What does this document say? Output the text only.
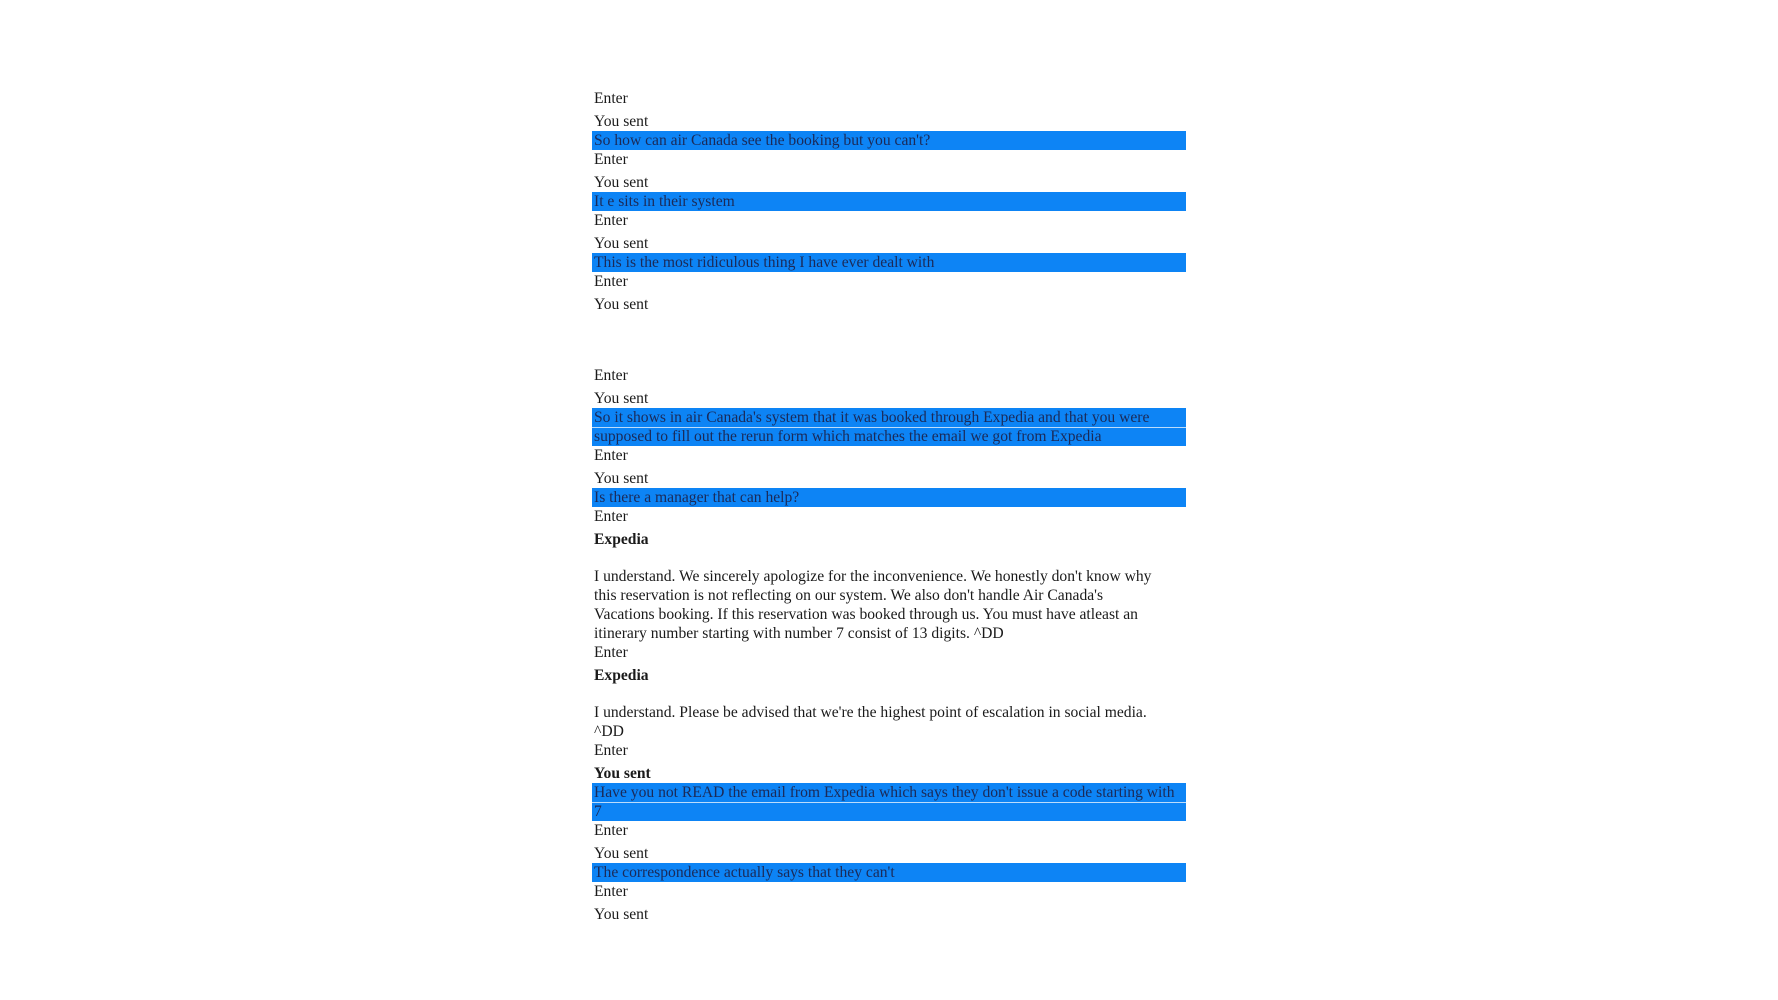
Enter
You sent
So how can air Canada see the booking but you can't?
Enter
You sent
It e sits in their system
Enter
You sent
This is the most ridiculous thing I have ever dealt with
Enter
You sent
Enter
You sent
So it shows in air Canada's system that it was booked through Expedia and that you were
supposed to fill out the rerun form which matches the email we got from Expedia
Enter
You sent
Is there a manager that can help?
Enter
Expedia
I understand. We sincerely apologize for the inconvenience. We honestly don't know why
this reservation is not reflecting on our system. We also don't handle Air Canada's
Vacations booking. If this reservation was booked through us. You must have atleast an
itinerary number starting with number 7 consist of 13 digits. ^DD
Enter
Expedia
I understand. Please be advised that we're the highest point of escalation in social media.
^DD
Enter
You sent
Have you not READ the email from Expedia which says they don't issue a code starting with
7
Enter
You sent
The correspondence actually says that they can't
Enter
You sent
